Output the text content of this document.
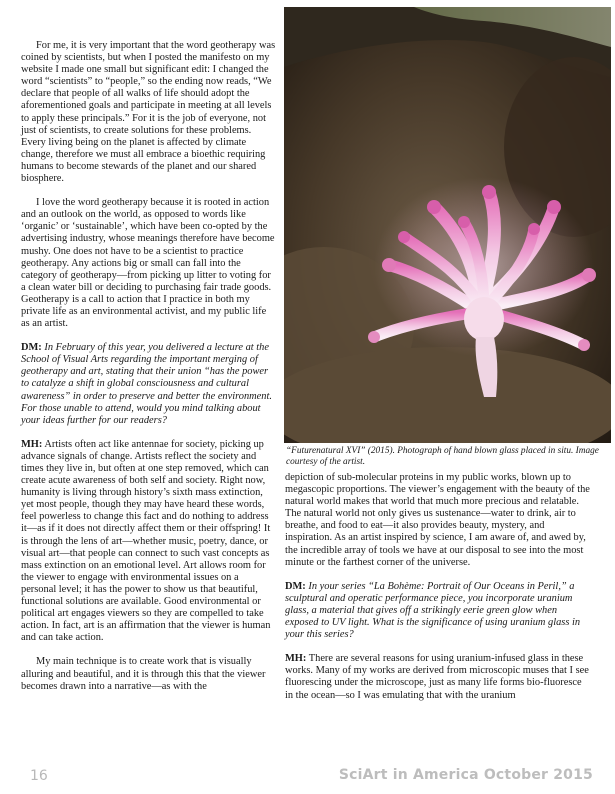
For me, it is very important that the word geotherapy was coined by scientists, but when I posted the manifesto on my website I made one small but significant edit: I changed the word “scientists” to “people,” so the ending now reads, “We declare that people of all walks of life should adopt the aforementioned goals and participate in meeting at all levels to apply these principals.” For it is the job of everyone, not just of scientists, to create solutions for these problems. Every living being on the planet is affected by climate change, therefore we must all embrace a bioethic requiring humans to become stewards of the planet and our shared biosphere.

I love the word geotherapy because it is rooted in action and an outlook on the world, as opposed to words like ‘organic’ or ‘sustainable’, which have been co-opted by the advertising industry, whose meanings therefore have become mushy. One does not have to be a scientist to practice geotherapy. Any actions big or small can fall into the category of geotherapy—from picking up litter to voting for a clean water bill or deciding to purchasing fair trade goods. Geotherapy is a call to action that I practice in both my private life as an environmental activist, and my public life as an artist.

DM: In February of this year, you delivered a lecture at the School of Visual Arts regarding the important merging of geotherapy and art, stating that their union “has the power to catalyze a shift in global consciousness and cultural awareness” in order to preserve and better the environment. For those unable to attend, would you mind talking about your ideas further for our readers?

MH: Artists often act like antennae for society, picking up advance signals of change. Artists reflect the society and times they live in, but often at one step removed, which can create acute awareness of both self and society. Right now, humanity is living through history’s sixth mass extinction, yet most people, though they may have heard these words, feel powerless to change this fact and do nothing to address it—as if it does not directly affect them or their offspring! It is through the lens of art—whether music, poetry, dance, or visual art—that people can connect to such vast concepts as mass extinction on an emotional level. Art allows room for the viewer to engage with environmental issues on a personal level; it has the power to show us that beautiful, functional solutions are available. Good environmental or political art engages viewers so they are compelled to take action. In fact, art is an affirmation that the viewer is human and can take action.

My main technique is to create work that is visually alluring and beautiful, and it is through this that the viewer becomes drawn into a narrative—as with the

“Futurenatural XVI” (2015). Photograph of hand blown glass placed in situ. Image courtesy of the artist.

depiction of sub-molecular proteins in my public works, blown up to megascopic proportions. The viewer’s engagement with the beauty of the natural world makes that world that much more precious and relatable. The natural world not only gives us sustenance—water to drink, air to breathe, and food to eat—it also provides beauty, mystery, and inspiration. As an artist inspired by science, I am aware of, and awed by, the incredible array of tools we have at our disposal to see into the most minute or the farthest corner of the universe.

DM: In your series “La Bohème: Portrait of Our Oceans in Peril,” a sculptural and operatic performance piece, you incorporate uranium glass, a material that gives off a strikingly eerie green glow when exposed to UV light. What is the significance of using uranium glass in your this series?

MH: There are several reasons for using uranium-infused glass in these works. Many of my works are derived from microscopic muses that I see fluorescing under the microscope, just as many life forms bio-fluoresce in the ocean—so I was emulating that with the uranium

16	SciArt in America October 2015
